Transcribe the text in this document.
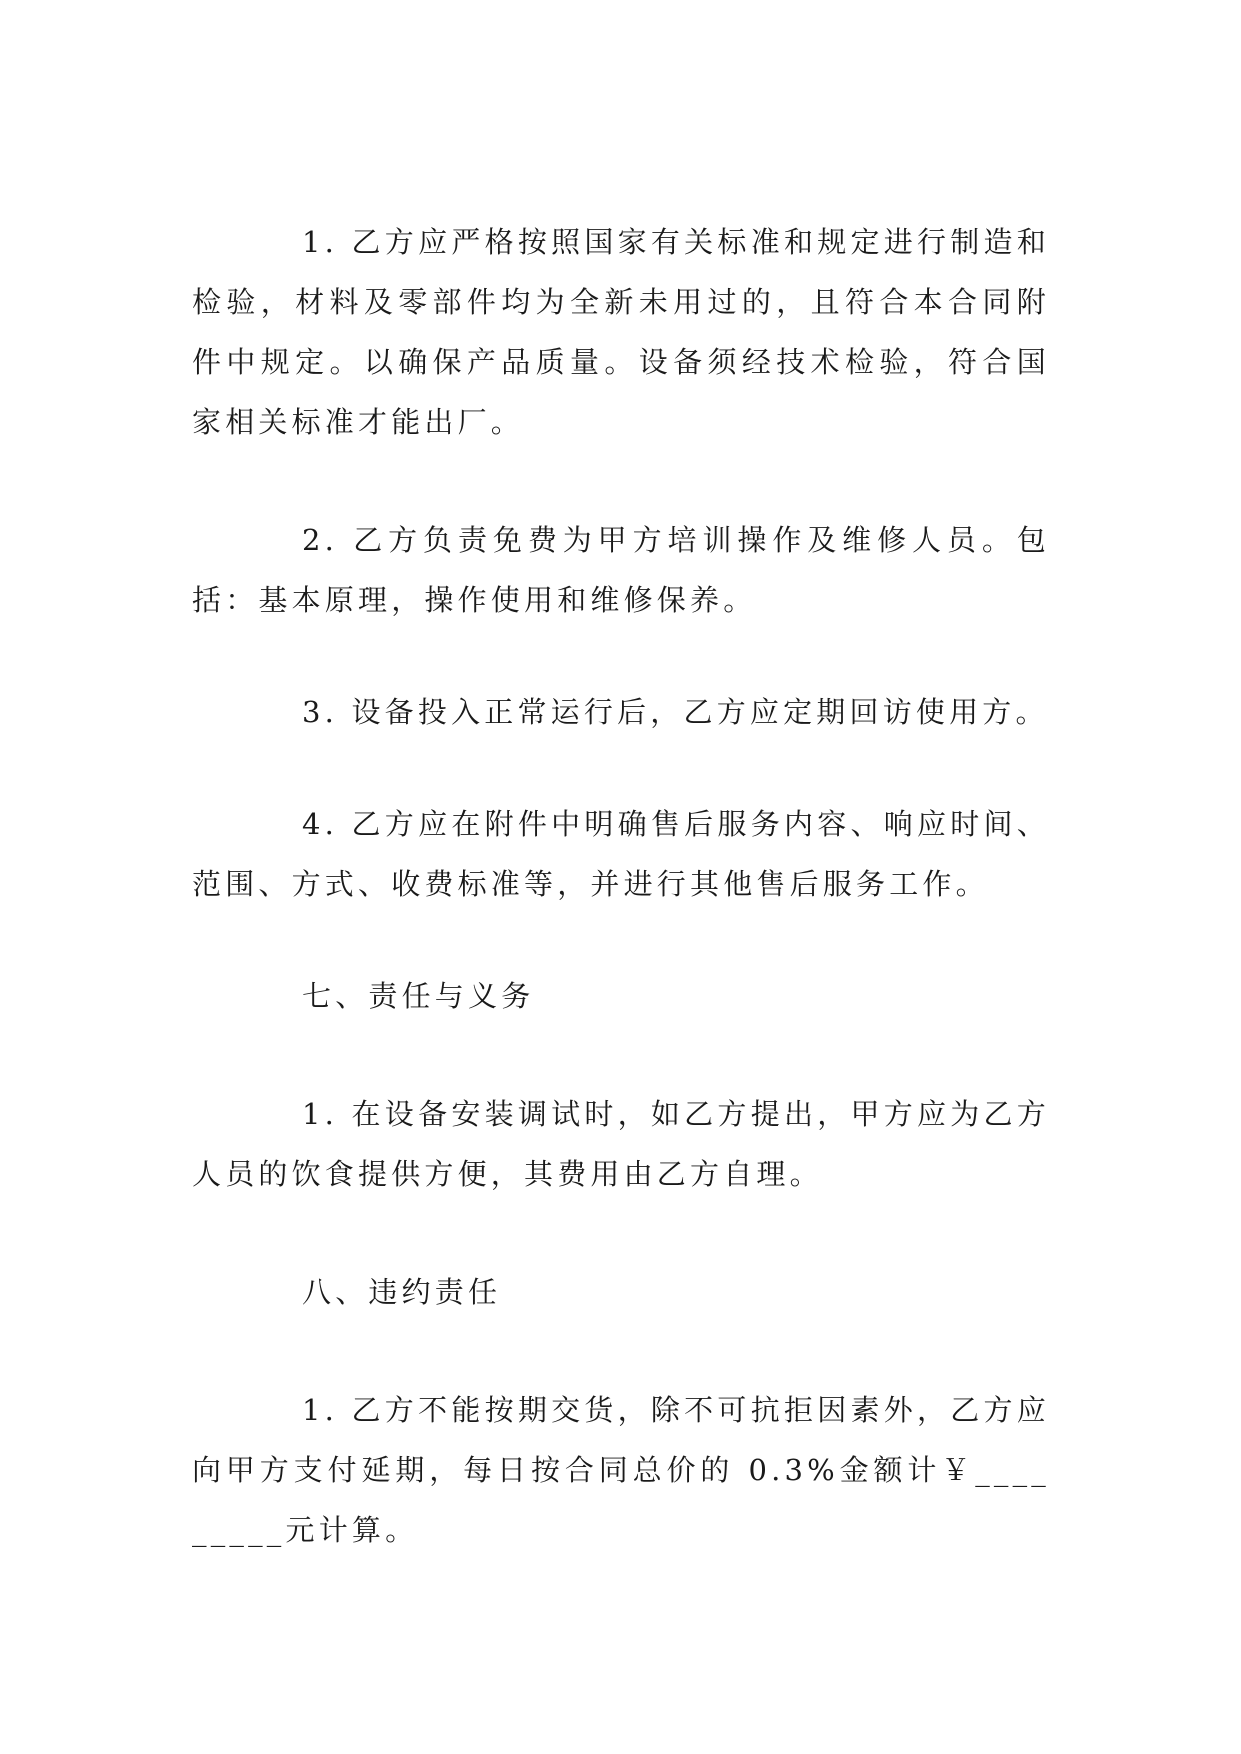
1. 乙方应严格按照国家有关标准和规定进行制造和检验，材料及零部件均为全新未用过的，且符合本合同附件中规定。以确保产品质量。设备须经技术检验，符合国家相关标准才能出厂。

2. 乙方负责免费为甲方培训操作及维修人员。包括：基本原理，操作使用和维修保养。

3. 设备投入正常运行后，乙方应定期回访使用方。

4. 乙方应在附件中明确售后服务内容、响应时间、范围、方式、收费标准等，并进行其他售后服务工作。

七、责任与义务

1. 在设备安装调试时，如乙方提出，甲方应为乙方人员的饮食提供方便，其费用由乙方自理。

八、违约责任

1. 乙方不能按期交货，除不可抗拒因素外，乙方应向甲方支付延期，每日按合同总价的 0.3%金额计￥_________元计算。
